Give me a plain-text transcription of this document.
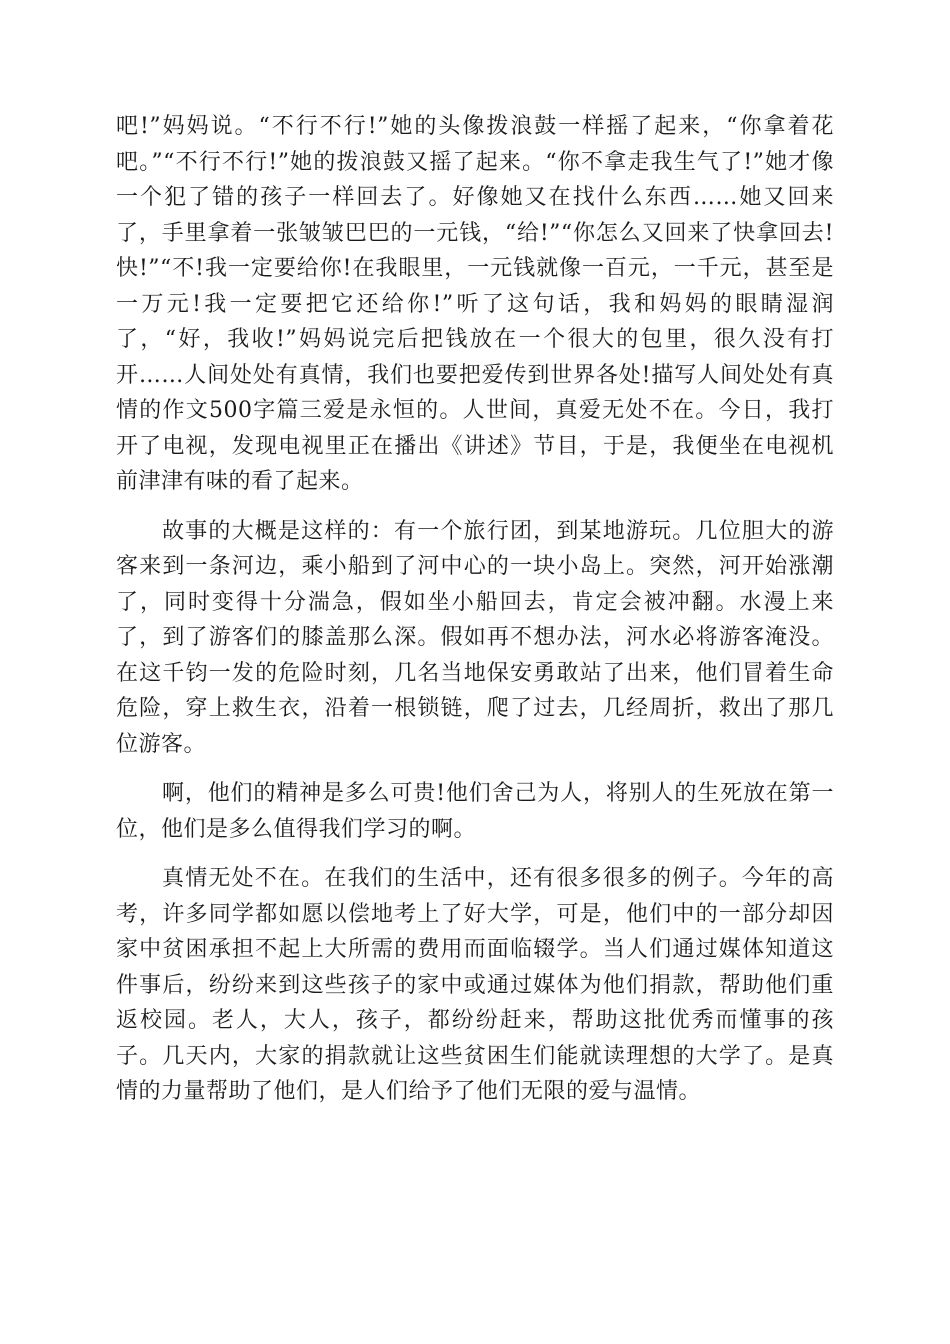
吧!”妈妈说。“不行不行!”她的头像拨浪鼓一样摇了起来，“你拿着花吧。”“不行不行!”她的拨浪鼓又摇了起来。“你不拿走我生气了!”她才像一个犯了错的孩子一样回去了。好像她又在找什么东西……她又回来了，手里拿着一张皱皱巴巴的一元钱，“给!”“你怎么又回来了快拿回去!快!”“不!我一定要给你!在我眼里，一元钱就像一百元，一千元，甚至是一万元!我一定要把它还给你!”听了这句话，我和妈妈的眼睛湿润了，“好，我收!”妈妈说完后把钱放在一个很大的包里，很久没有打开……人间处处有真情，我们也要把爱传到世界各处!描写人间处处有真情的作文500字篇三爱是永恒的。人世间，真爱无处不在。今日，我打开了电视，发现电视里正在播出《讲述》节目，于是，我便坐在电视机前津津有味的看了起来。

故事的大概是这样的：有一个旅行团，到某地游玩。几位胆大的游客来到一条河边，乘小船到了河中心的一块小岛上。突然，河开始涨潮了，同时变得十分湍急，假如坐小船回去，肯定会被冲翻。水漫上来了，到了游客们的膝盖那么深。假如再不想办法，河水必将游客淹没。在这千钧一发的危险时刻，几名当地保安勇敢站了出来，他们冒着生命危险，穿上救生衣，沿着一根锁链，爬了过去，几经周折，救出了那几位游客。

啊，他们的精神是多么可贵!他们舍己为人，将别人的生死放在第一位，他们是多么值得我们学习的啊。

真情无处不在。在我们的生活中，还有很多很多的例子。今年的高考，许多同学都如愿以偿地考上了好大学，可是，他们中的一部分却因家中贫困承担不起上大所需的费用而面临辍学。当人们通过媒体知道这件事后，纷纷来到这些孩子的家中或通过媒体为他们捐款，帮助他们重返校园。老人，大人，孩子，都纷纷赶来，帮助这批优秀而懂事的孩子。几天内，大家的捐款就让这些贫困生们能就读理想的大学了。是真情的力量帮助了他们，是人们给予了他们无限的爱与温情。
